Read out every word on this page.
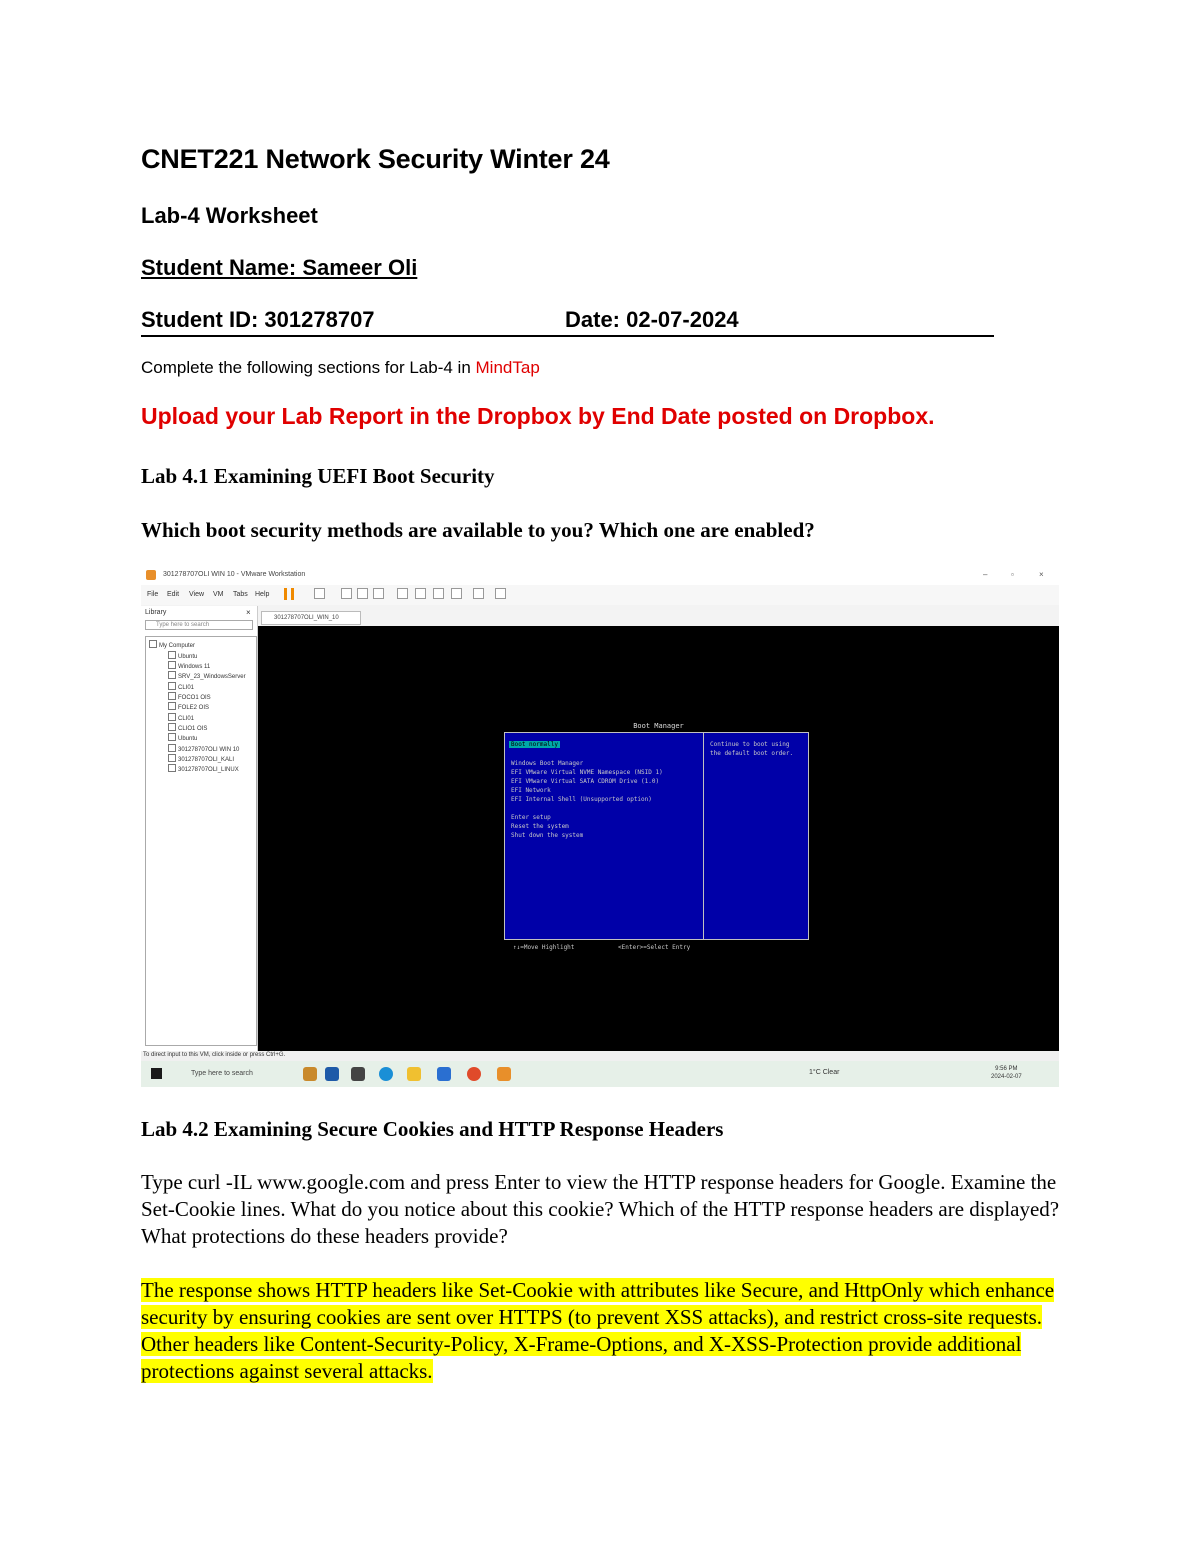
CNET221 Network Security Winter 24
Lab-4 Worksheet
Student Name: Sameer Oli
Student ID: 301278707	Date: 02-07-2024
Complete the following sections for Lab-4 in MindTap
Upload your Lab Report in the Dropbox by End Date posted on Dropbox.
Lab 4.1 Examining UEFI Boot Security
Which boot security methods are available to you? Which one are enabled?
301278707OLI WIN 10 - VMware Workstation	–	▫	×
File Edit View VM Tabs Help
Library	×
Type here to search
My Computer
Ubuntu
Windows 11
SRV_23_WindowsServer
CLI01
FOCO1 OIS
FOLE2 OIS
CLI01
CLIO1 OIS
Ubuntu
301278707OLI WIN 10
301278707OLI_KALI
301278707OLI_LINUX
301278707OLI_WIN_10
Boot Manager
Boot normally
Windows Boot Manager
EFI VMware Virtual NVME Namespace (NSID 1)
EFI VMware Virtual SATA CDROM Drive (1.0)
EFI Network
EFI Internal Shell (Unsupported option)
Enter setup
Reset the system
Shut down the system
Continue to boot using
the default boot order.
↑↓=Move Highlight	<Enter>=Select Entry
To direct input to this VM, click inside or press Ctrl+G.
Type here to search	1°C Clear	9:56 PM
2024-02-07
Lab 4.2 Examining Secure Cookies and HTTP Response Headers
Type curl -IL www.google.com and press Enter to view the HTTP response headers for Google. Examine the Set-Cookie lines. What do you notice about this cookie? Which of the HTTP response headers are displayed? What protections do these headers provide?
The response shows HTTP headers like Set-Cookie with attributes like Secure, and HttpOnly which enhance security by ensuring cookies are sent over HTTPS (to prevent XSS attacks), and restrict cross-site requests. Other headers like Content-Security-Policy, X-Frame-Options, and X-XSS-Protection provide additional protections against several attacks.
